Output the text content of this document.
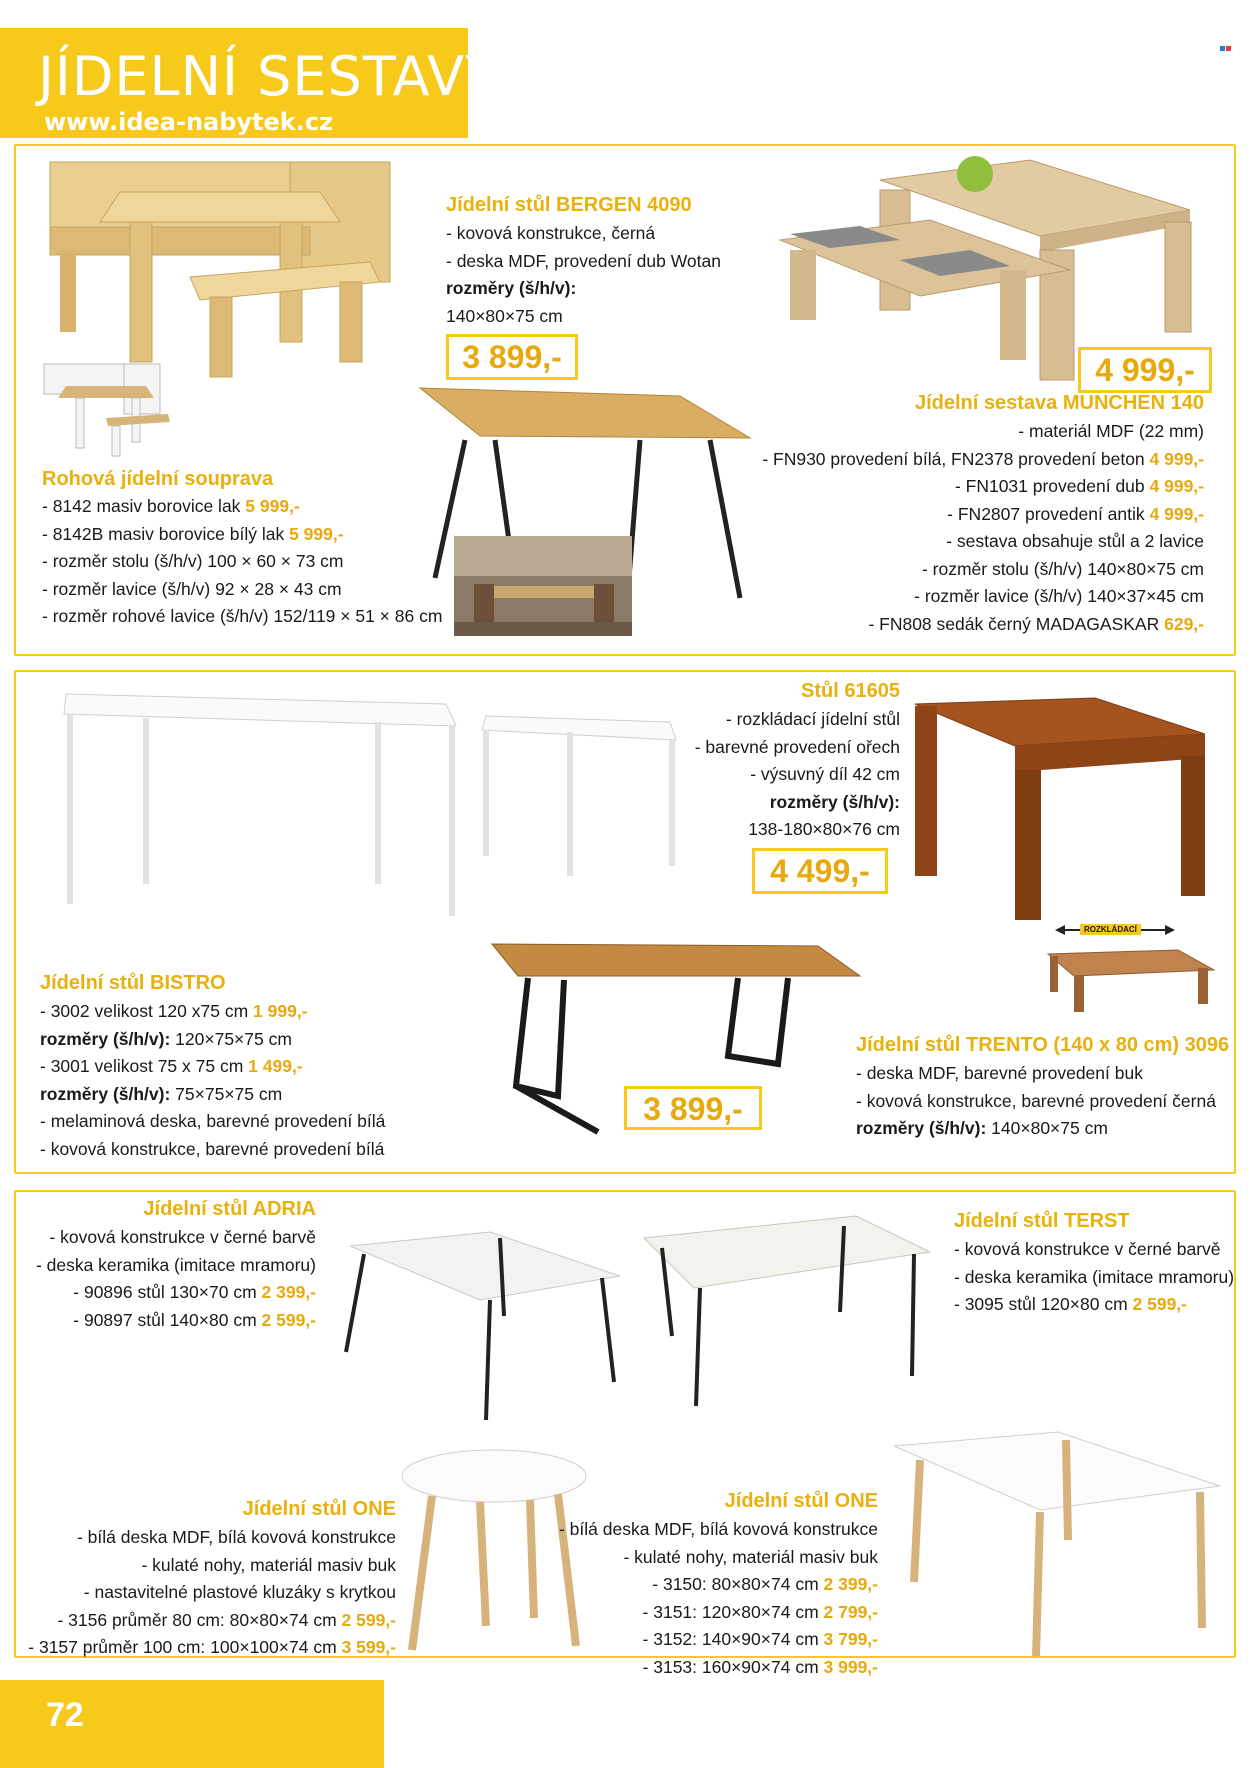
JÍDELNÍ SESTAVY
www.idea-nabytek.cz
Rohová jídelní souprava
- 8142 masiv borovice lak 5 999,-
- 8142B masiv borovice bílý lak 5 999,-
- rozměr stolu (š/h/v) 100 × 60 × 73 cm
- rozměr lavice (š/h/v) 92 × 28 × 43 cm
- rozměr rohové lavice (š/h/v) 152/119 × 51 × 86 cm
Jídelní stůl BERGEN 4090
- kovová konstrukce, černá
- deska MDF, provedení dub Wotan
rozměry (š/h/v):
140×80×75 cm
3 899,-	4 999,-
Jídelní sestava MUNCHEN 140
- materiál MDF (22 mm)
- FN930 provedení bílá, FN2378 provedení beton 4 999,-
- FN1031 provedení dub 4 999,-
- FN2807 provedení antik 4 999,-
- sestava obsahuje stůl a 2 lavice
- rozměr stolu (š/h/v) 140×80×75 cm
- rozměr lavice (š/h/v) 140×37×45 cm
- FN808 sedák černý MADAGASKAR 629,-
Jídelní stůl BISTRO
- 3002 velikost 120 x75 cm 1 999,-
rozměry (š/h/v): 120×75×75 cm
- 3001 velikost 75 x 75 cm 1 499,-
rozměry (š/h/v): 75×75×75 cm
- melaminová deska, barevné provedení bílá
- kovová konstrukce, barevné provedení bílá
Stůl 61605
- rozkládací jídelní stůl
- barevné provedení ořech
- výsuvný díl 42 cm
rozměry (š/h/v):
138-180×80×76 cm
4 499,-
ROZKLÁDACÍ
3 899,-
Jídelní stůl TRENTO (140 x 80 cm) 3096
- deska MDF, barevné provedení buk
- kovová konstrukce, barevné provedení černá
rozměry (š/h/v): 140×80×75 cm
Jídelní stůl ADRIA
- kovová konstrukce v černé barvě
- deska keramika (imitace mramoru)
- 90896 stůl 130×70 cm 2 399,-
- 90897 stůl 140×80 cm 2 599,-
Jídelní stůl TERST
- kovová konstrukce v černé barvě
- deska keramika (imitace mramoru)
- 3095 stůl 120×80 cm 2 599,-
Jídelní stůl ONE
- bílá deska MDF, bílá kovová konstrukce
- kulaté nohy, materiál masiv buk
- nastavitelné plastové kluzáky s krytkou
- 3156 průměr 80 cm: 80×80×74 cm 2 599,-
- 3157 průměr 100 cm: 100×100×74 cm 3 599,-
Jídelní stůl ONE
- bílá deska MDF, bílá kovová konstrukce
- kulaté nohy, materiál masiv buk
- 3150: 80×80×74 cm 2 399,-
- 3151: 120×80×74 cm 2 799,-
- 3152: 140×90×74 cm 3 799,-
- 3153: 160×90×74 cm 3 999,-
72
